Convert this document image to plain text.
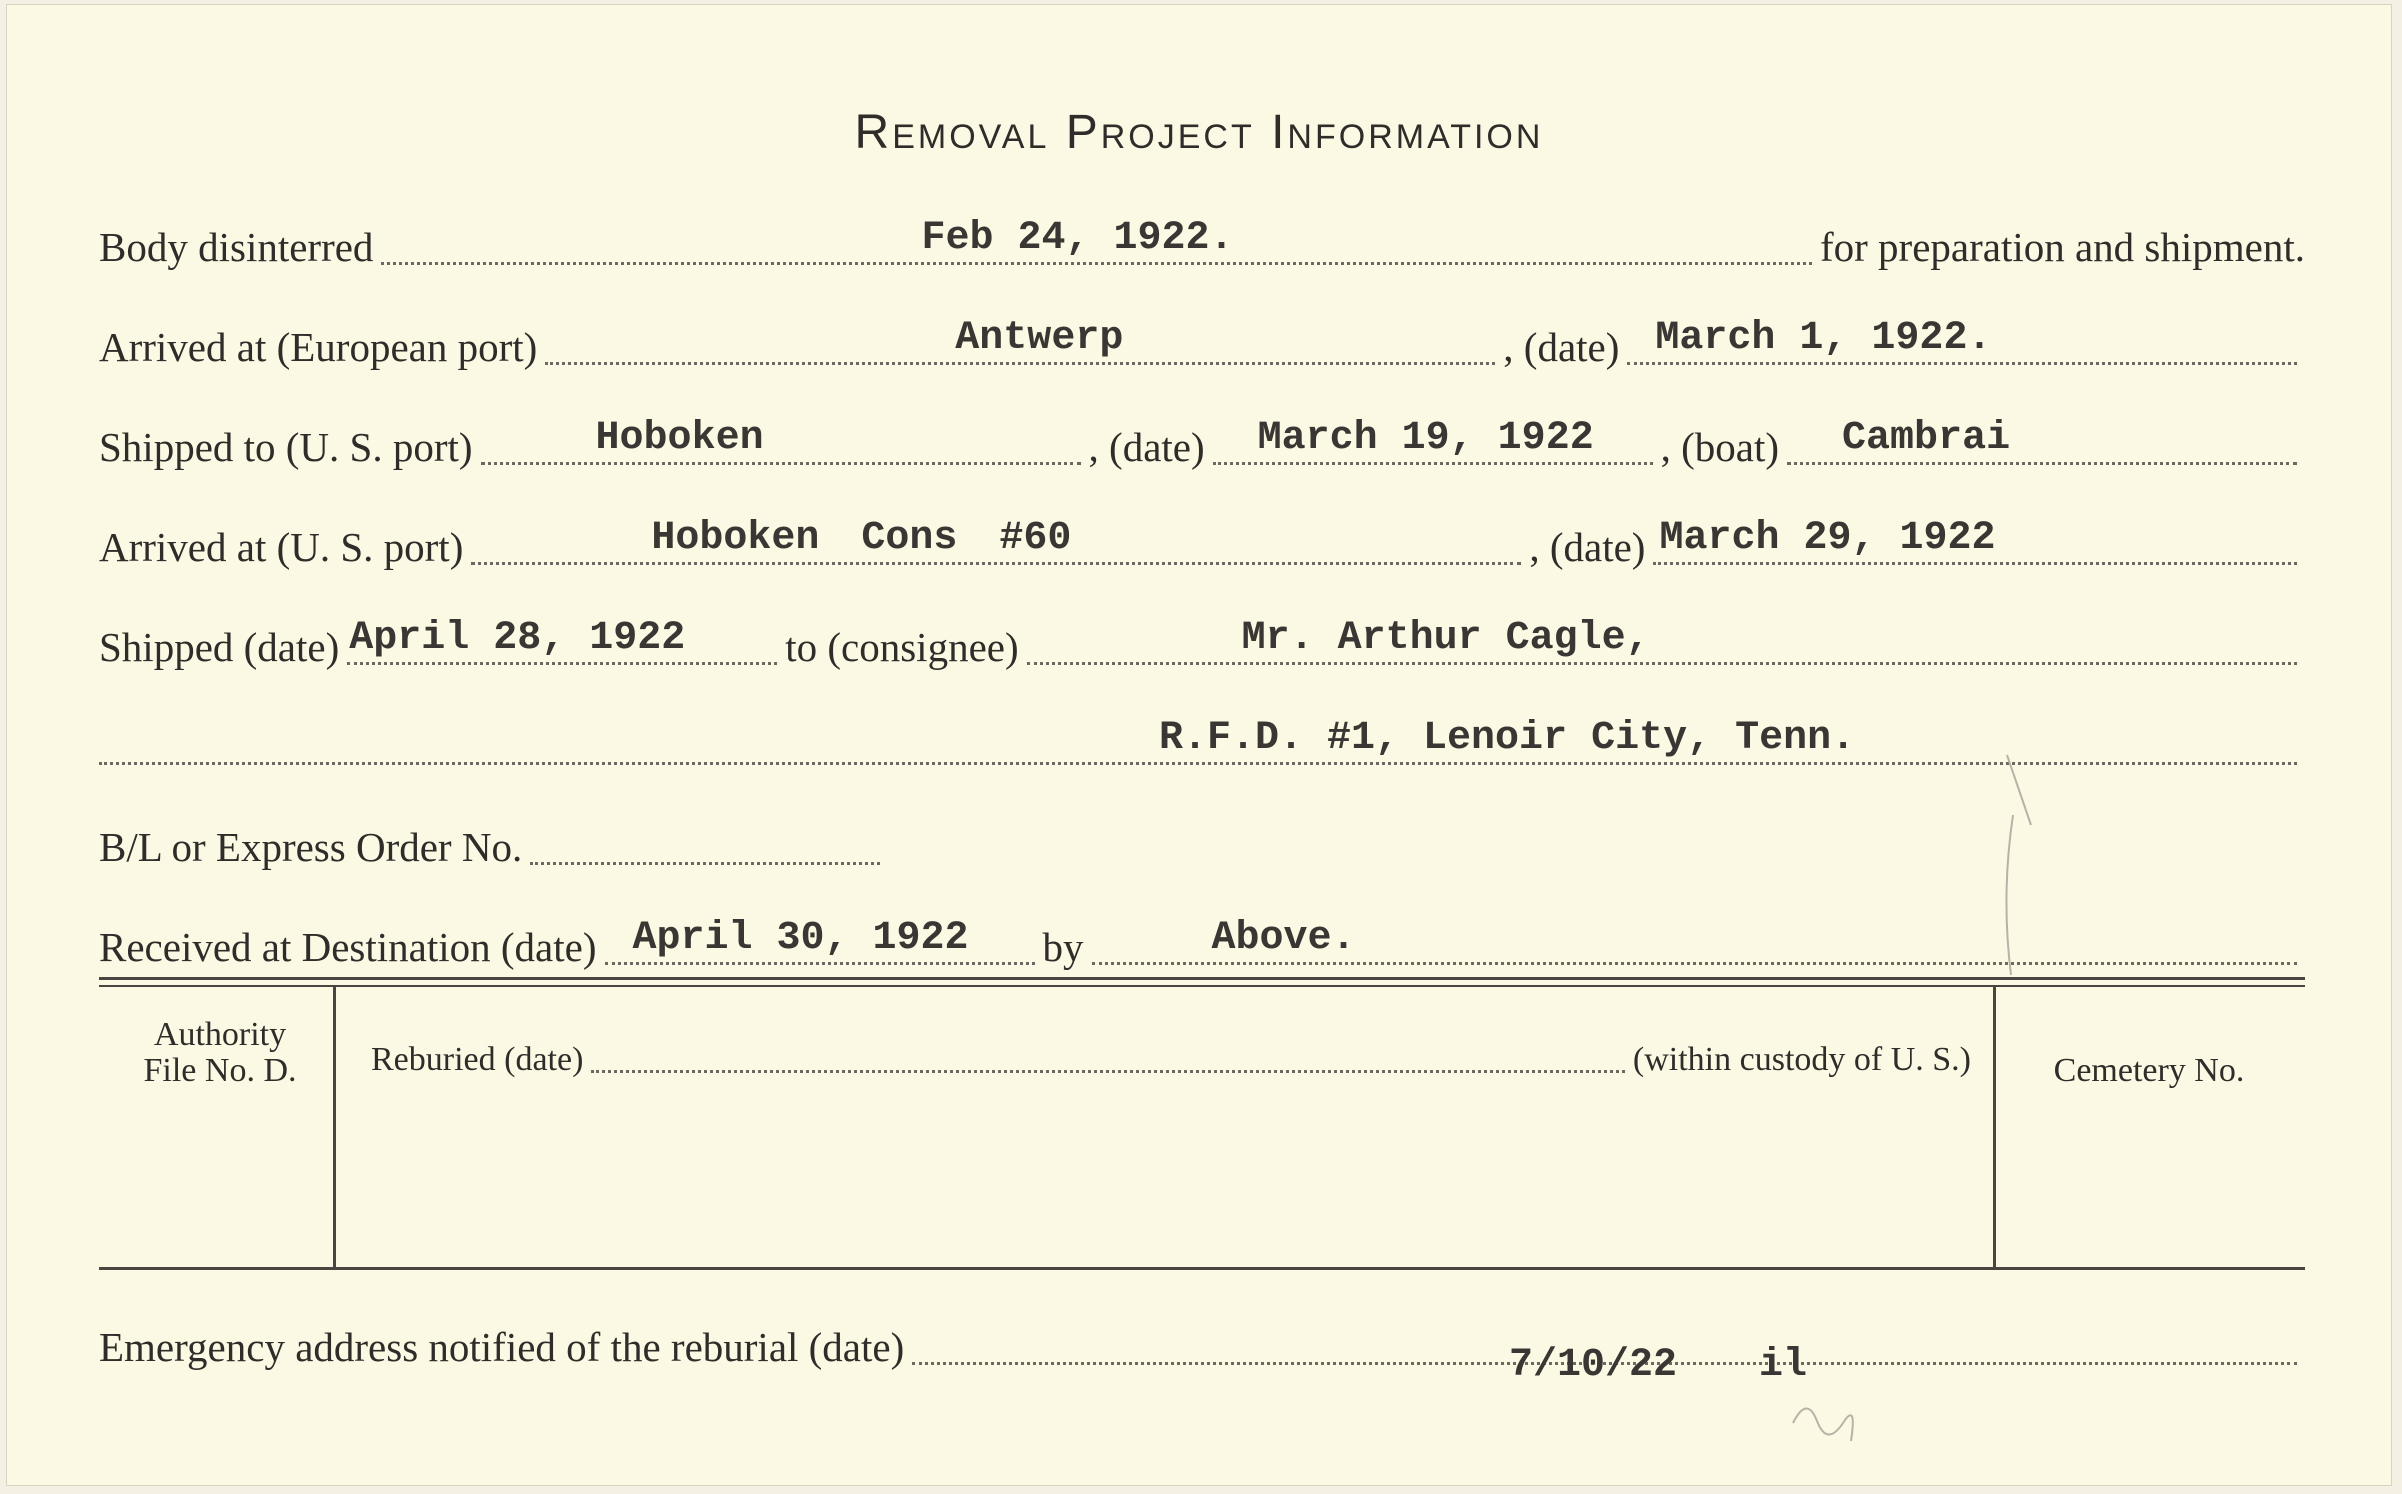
Removal Project Information
Body disinterred	Feb 24, 1922.	for preparation and shipment.
Arrived at (European port)	Antwerp	, (date) March 1, 1922.
Shipped to (U. S. port)	Hoboken	, (date) March 19, 1922 , (boat) Cambrai
Arrived at (U. S. port)	Hoboken Cons #60	, (date) March 29, 1922
Shipped (date) April 28, 1922 to (consignee)	Mr. Arthur Cagle,
R.F.D. #1, Lenoir City, Tenn.
B/L or Express Order No.
Received at Destination (date) April 30, 1922 by	Above.
Authority
File No. D.	Reburied (date)	(within custody of U. S.)	Cemetery No.
Emergency address notified of the reburial (date)	7/10/22 il
